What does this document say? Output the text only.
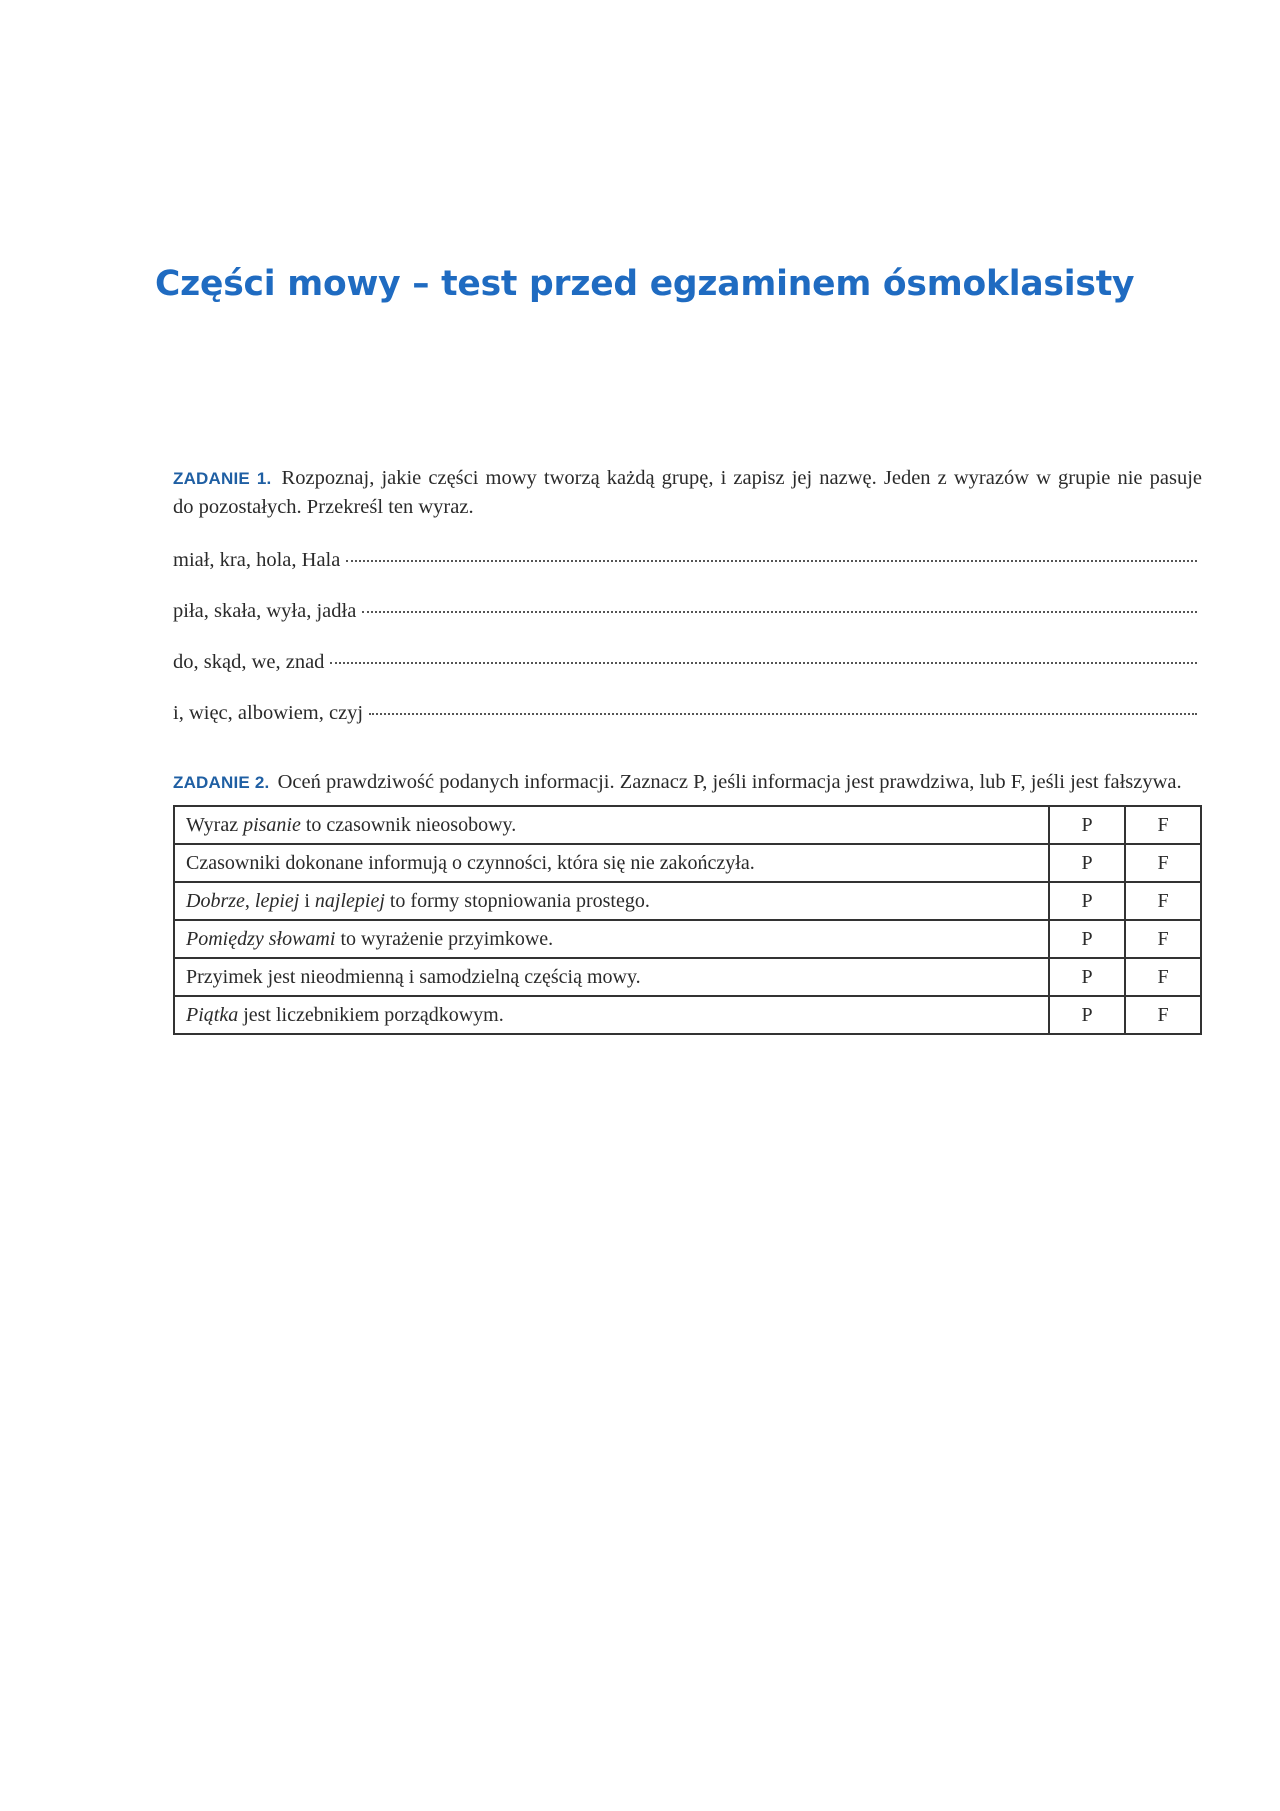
Części mowy – test przed egzaminem ósmoklasisty
ZADANIE 1. Rozpoznaj, jakie części mowy tworzą każdą grupę, i zapisz jej nazwę. Jeden z wyrazów w grupie nie pasuje
do pozostałych. Przekreśl ten wyraz.
miał, kra, hola, Hala
piła, skała, wyła, jadła
do, skąd, we, znad
i, więc, albowiem, czyj
ZADANIE 2. Oceń prawdziwość podanych informacji. Zaznacz P, jeśli informacja jest prawdziwa, lub F, jeśli jest fałszywa.
Wyraz pisanie to czasownik nieosobowy.	P	F
Czasowniki dokonane informują o czynności, która się nie zakończyła.	P	F
Dobrze, lepiej i najlepiej to formy stopniowania prostego.	P	F
Pomiędzy słowami to wyrażenie przyimkowe.	P	F
Przyimek jest nieodmienną i samodzielną częścią mowy.	P	F
Piątka jest liczebnikiem porządkowym.	P	F
